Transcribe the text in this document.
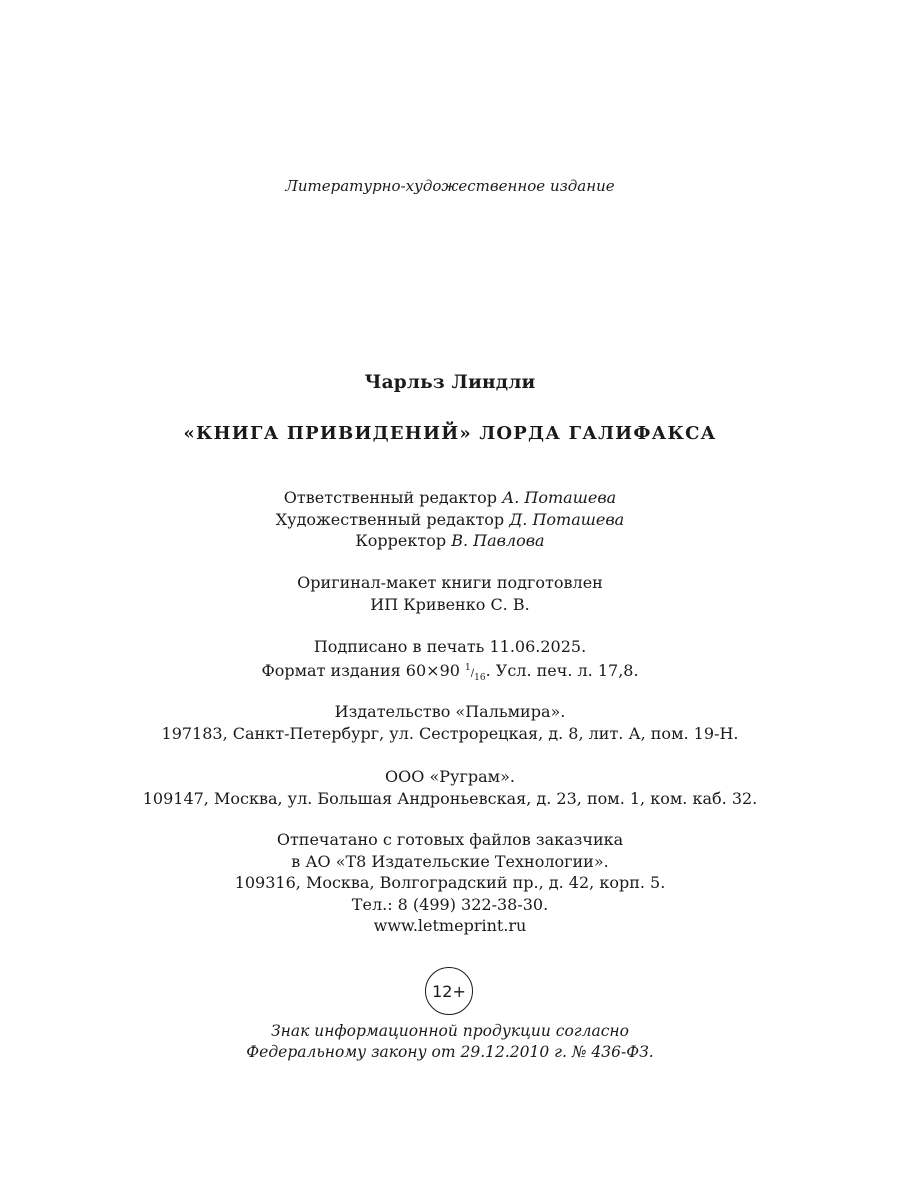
Литературно-художественное издание
Чарльз Линдли
«КНИГА ПРИВИДЕНИЙ» ЛОРДА ГАЛИФАКСА
Ответственный редактор А. Поташева
Художественный редактор Д. Поташева
Корректор В. Павлова
Оригинал-макет книги подготовлен
ИП Кривенко С. В.
Подписано в печать 11.06.2025.
Формат издания 60×90 $^1/_{16}$. Усл. печ. л. 17,8.
Издательство «Пальмира».
197183, Санкт-Петербург, ул. Сестрорецкая, д. 8, лит. А, пом. 19-Н.
ООО «Руграм».
109147, Москва, ул. Большая Андроньевская, д. 23, пом. 1, ком. каб. 32.
Отпечатано с готовых файлов заказчика
в АО «Т8 Издательские Технологии».
109316, Москва, Волгоградский пр., д. 42, корп. 5.
Тел.: 8 (499) 322-38-30.
www.letmeprint.ru
12+
Знак информационной продукции согласно
Федеральному закону от 29.12.2010 г. № 436-ФЗ.
